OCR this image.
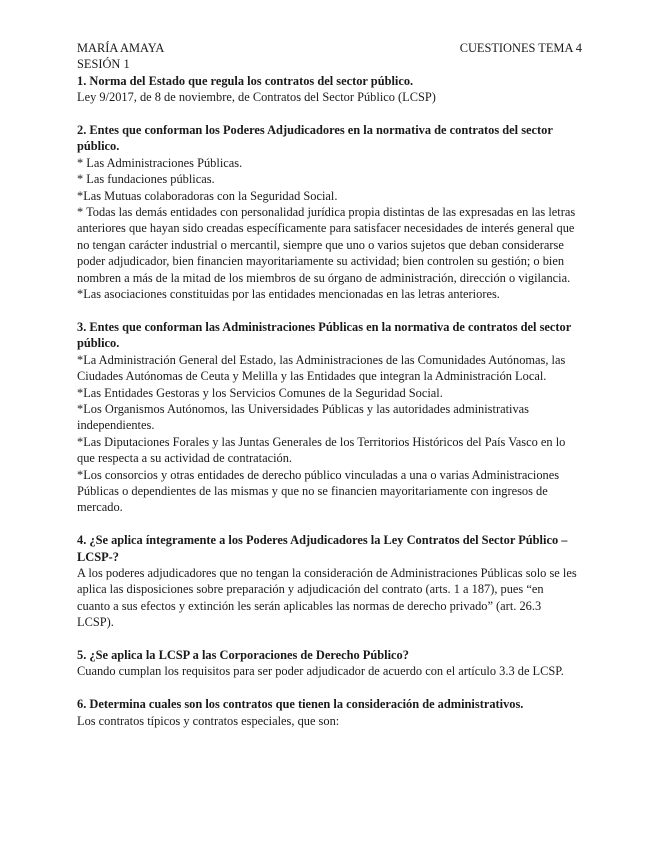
MARÍA AMAYA	CUESTIONES TEMA 4

SESIÓN 1

1. Norma del Estado que regula los contratos del sector público.

Ley 9/2017, de 8 de noviembre, de Contratos del Sector Público (LCSP)

2. Entes que conforman los Poderes Adjudicadores en la normativa de contratos del sector público.

* Las Administraciones Públicas.

* Las fundaciones públicas.

*Las Mutuas colaboradoras con la Seguridad Social.

* Todas las demás entidades con personalidad jurídica propia distintas de las expresadas en las letras anteriores que hayan sido creadas específicamente para satisfacer necesidades de interés general que no tengan carácter industrial o mercantil, siempre que uno o varios sujetos que deban considerarse poder adjudicador, bien financien mayoritariamente su actividad; bien controlen su gestión; o bien nombren a más de la mitad de los miembros de su órgano de administración, dirección o vigilancia.

*Las asociaciones constituidas por las entidades mencionadas en las letras anteriores.

3. Entes que conforman las Administraciones Públicas en la normativa de contratos del sector público.

*La Administración General del Estado, las Administraciones de las Comunidades Autónomas, las Ciudades Autónomas de Ceuta y Melilla y las Entidades que integran la Administración Local.

*Las Entidades Gestoras y los Servicios Comunes de la Seguridad Social.

*Los Organismos Autónomos, las Universidades Públicas y las autoridades administrativas independientes.

*Las Diputaciones Forales y las Juntas Generales de los Territorios Históricos del País Vasco en lo que respecta a su actividad de contratación.

*Los consorcios y otras entidades de derecho público vinculadas a una o varias Administraciones Públicas o dependientes de las mismas y que no se financien mayoritariamente con ingresos de mercado.

4. ¿Se aplica íntegramente a los Poderes Adjudicadores la Ley Contratos del Sector Público –LCSP-?

A los poderes adjudicadores que no tengan la consideración de Administraciones Públicas solo se les aplica las disposiciones sobre preparación y adjudicación del contrato (arts. 1 a 187), pues “en cuanto a sus efectos y extinción les serán aplicables las normas de derecho privado” (art. 26.3 LCSP).

5. ¿Se aplica la LCSP a las Corporaciones de Derecho Público?

Cuando cumplan los requisitos para ser poder adjudicador de acuerdo con el artículo 3.3 de LCSP.

6. Determina cuales son los contratos que tienen la consideración de administrativos.

Los contratos típicos y contratos especiales, que son:
